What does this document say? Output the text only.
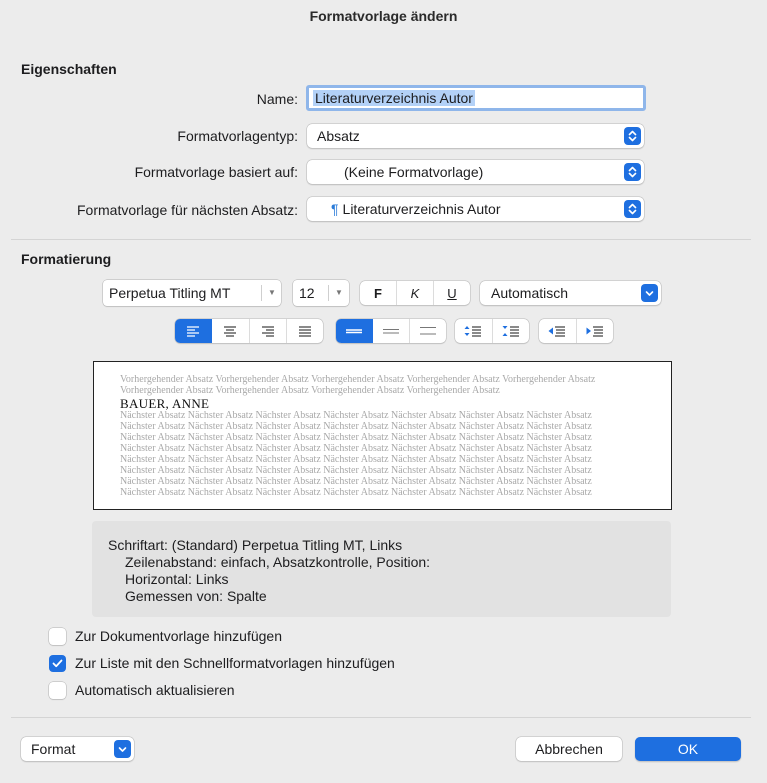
Formatvorlage ändern
Eigenschaften
Name:	Literaturverzeichnis Autor
Formatvorlagentyp:	Absatz
Formatvorlage basiert auf:	(Keine Formatvorlage)
Formatvorlage für nächsten Absatz:	¶ Literaturverzeichnis Autor
Formatierung
Perpetua Titling MT	▼	12	▼ F K U	Automatisch
Vorhergehender Absatz Vorhergehender Absatz Vorhergehender Absatz Vorhergehender Absatz Vorhergehender Absatz Vorhergehender Absatz Vorhergehender Absatz Vorhergehender Absatz Vorhergehender Absatz
BAUER, ANNE
Nächster Absatz Nächster Absatz Nächster Absatz Nächster Absatz Nächster Absatz Nächster Absatz Nächster Absatz Nächster Absatz Nächster Absatz Nächster Absatz Nächster Absatz Nächster Absatz Nächster Absatz Nächster Absatz Nächster Absatz Nächster Absatz Nächster Absatz Nächster Absatz Nächster Absatz Nächster Absatz Nächster Absatz Nächster Absatz Nächster Absatz Nächster Absatz Nächster Absatz Nächster Absatz Nächster Absatz Nächster Absatz Nächster Absatz Nächster Absatz Nächster Absatz Nächster Absatz Nächster Absatz Nächster Absatz Nächster Absatz Nächster Absatz Nächster Absatz Nächster Absatz Nächster Absatz Nächster Absatz Nächster Absatz Nächster Absatz Nächster Absatz Nächster Absatz Nächster Absatz Nächster Absatz Nächster Absatz Nächster Absatz Nächster Absatz Nächster Absatz Nächster Absatz Nächster Absatz Nächster Absatz Nächster Absatz Nächster Absatz Nächster Absatz
Schriftart: (Standard) Perpetua Titling MT, Links
Zeilenabstand: einfach, Absatzkontrolle, Position:
Horizontal: Links
Gemessen von: Spalte
Zur Dokumentvorlage hinzufügen
Zur Liste mit den Schnellformatvorlagen hinzufügen
Automatisch aktualisieren
Format	Abbrechen	OK
